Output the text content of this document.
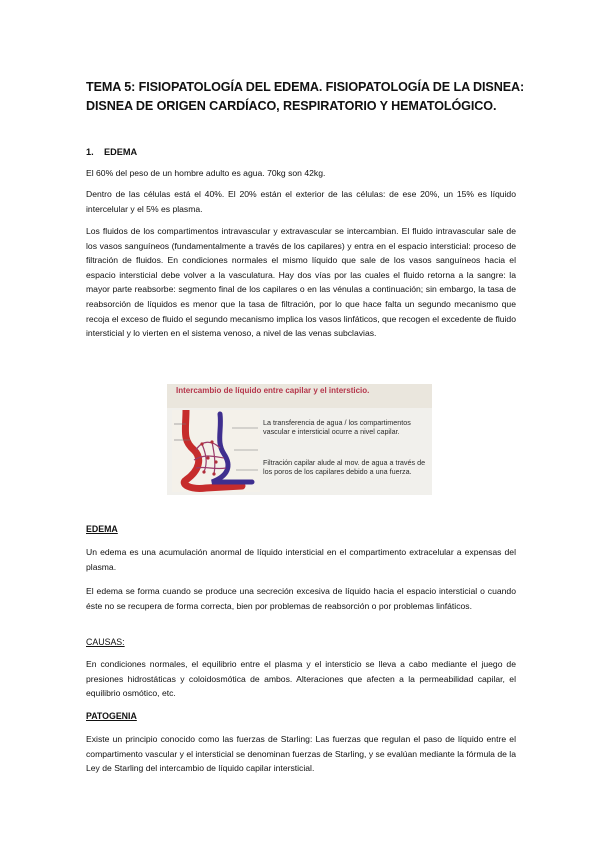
TEMA 5: FISIOPATOLOGÍA DEL EDEMA. FISIOPATOLOGÍA DE LA DISNEA: DISNEA DE ORIGEN CARDÍACO, RESPIRATORIO Y HEMATOLÓGICO.
1. EDEMA
El 60% del peso de un hombre adulto es agua. 70kg son 42kg.
Dentro de las células está el 40%. El 20% están el exterior de las células: de ese 20%, un 15% es líquido intercelular y el 5% es plasma.
Los fluidos de los compartimentos intravascular y extravascular se intercambian. El fluido intravascular sale de los vasos sanguíneos (fundamentalmente a través de los capilares) y entra en el espacio intersticial: proceso de filtración de fluidos. En condiciones normales el mismo líquido que sale de los vasos sanguíneos hacia el espacio intersticial debe volver a la vasculatura. Hay dos vías por las cuales el fluido retorna a la sangre: la mayor parte reabsorbe: segmento final de los capilares o en las vénulas a continuación; sin embargo, la tasa de reabsorción de líquidos es menor que la tasa de filtración, por lo que hace falta un segundo mecanismo que recoja el exceso de fluido el segundo mecanismo implica los vasos linfáticos, que recogen el excedente de fluido intersticial y lo vierten en el sistema venoso, a nivel de las venas subclavias.
Intercambio de líquido entre capilar y el intersticio.
La transferencia de agua / los compartimentos vascular e intersticial ocurre a nivel capilar.
Filtración capilar alude al mov. de agua a través de los poros de los capilares debido a una fuerza.
EDEMA
Un edema es una acumulación anormal de líquido intersticial en el compartimento extracelular a expensas del plasma.
El edema se forma cuando se produce una secreción excesiva de líquido hacia el espacio intersticial o cuando éste no se recupera de forma correcta, bien por problemas de reabsorción o por problemas linfáticos.
CAUSAS:
En condiciones normales, el equilibrio entre el plasma y el intersticio se lleva a cabo mediante el juego de presiones hidrostáticas y coloidosmótica de ambos. Alteraciones que afecten a la permeabilidad capilar, el equilibrio osmótico, etc.
PATOGENIA
Existe un principio conocido como las fuerzas de Starling: Las fuerzas que regulan el paso de líquido entre el compartimento vascular y el intersticial se denominan fuerzas de Starling, y se evalúan mediante la fórmula de la Ley de Starling del intercambio de líquido capilar intersticial.
